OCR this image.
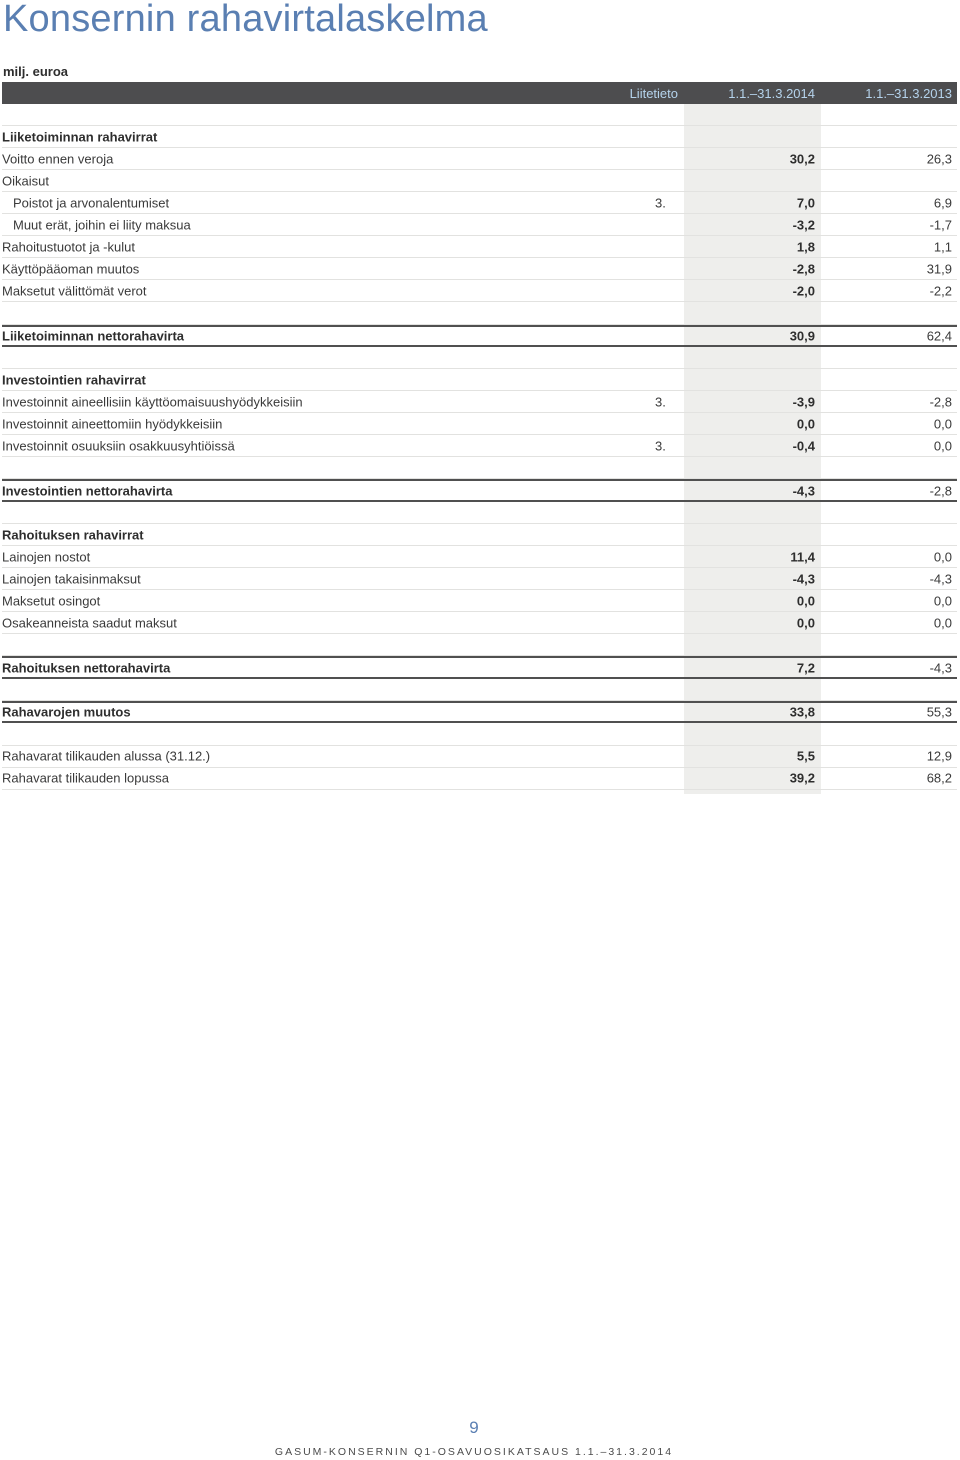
Konsernin rahavirtalaskelma
milj. euroa
Liitetieto	1.1.–31.3.2014	1.1.–31.3.2013
Liiketoiminnan rahavirrat
Voitto ennen veroja	30,2	26,3
Oikaisut
Poistot ja arvonalentumiset	3.	7,0	6,9
Muut erät, joihin ei liity maksua	-3,2	-1,7
Rahoitustuotot ja -kulut	1,8	1,1
Käyttöpääoman muutos	-2,8	31,9
Maksetut välittömät verot	-2,0	-2,2
Liiketoiminnan nettorahavirta	30,9	62,4
Investointien rahavirrat
Investoinnit aineellisiin käyttöomaisuushyödykkeisiin	3.	-3,9	-2,8
Investoinnit aineettomiin hyödykkeisiin	0,0	0,0
Investoinnit osuuksiin osakkuusyhtiöissä	3.	-0,4	0,0
Investointien nettorahavirta	-4,3	-2,8
Rahoituksen rahavirrat
Lainojen nostot	11,4	0,0
Lainojen takaisinmaksut	-4,3	-4,3
Maksetut osingot	0,0	0,0
Osakeanneista saadut maksut	0,0	0,0
Rahoituksen nettorahavirta	7,2	-4,3
Rahavarojen muutos	33,8	55,3
Rahavarat tilikauden alussa (31.12.)	5,5	12,9
Rahavarat tilikauden lopussa	39,2	68,2
9
GASUM-KONSERNIN Q1-OSAVUOSIKATSAUS 1.1.–31.3.2014
